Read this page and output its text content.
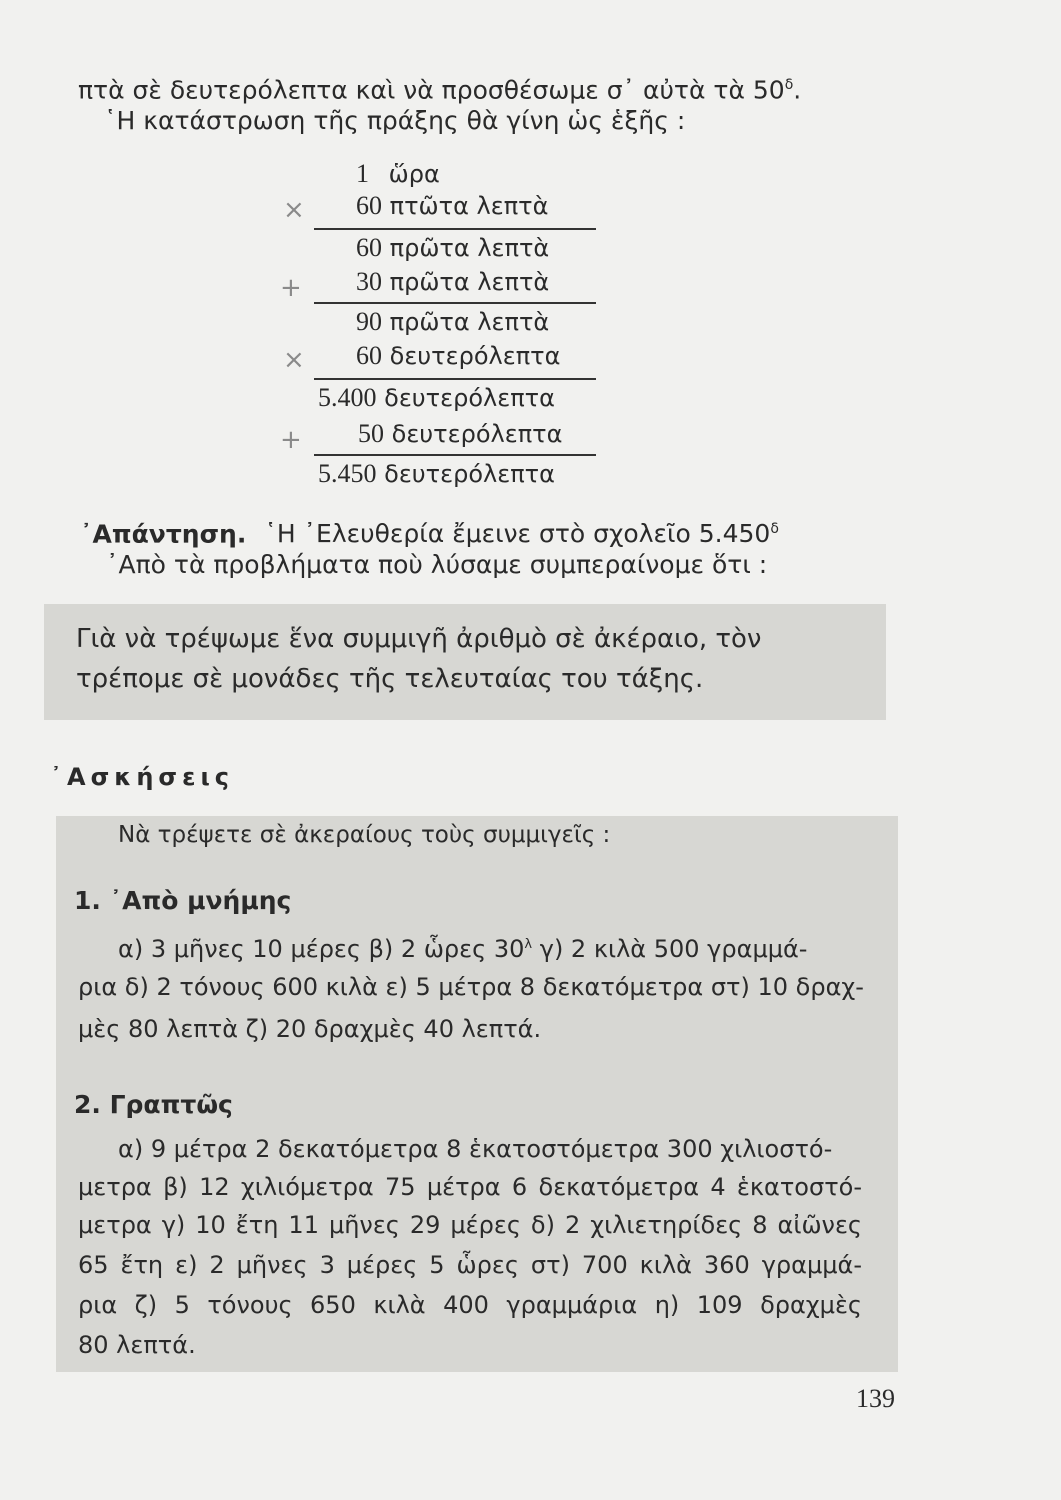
πτὰ σὲ δευτερόλεπτα καὶ νὰ προσθέσωμε σ᾽ αὐτὰ τὰ $50^\delta$.
῾Η κατάστρωση τῆς πράξης θὰ γίνη ὡς ἑξῆς :
1 ὥρα
× 60 πτῶτα λεπτὰ
60 πρῶτα λεπτὰ
+ 30 πρῶτα λεπτὰ
90 πρῶτα λεπτὰ
× 60 δευτερόλεπτα
5.400 δευτερόλεπτα
+ 50 δευτερόλεπτα
5.450 δευτερόλεπτα
᾿Απάντηση. ῾Η ᾿Ελευθερία ἔμεινε στὸ σχολεῖο $5.450^\delta$
᾿Απὸ τὰ προβλήματα ποὺ λύσαμε συμπεραίνομε ὅτι :
Γιὰ νὰ τρέψωμε ἕνα συμμιγῆ ἀριθμὸ σὲ ἀκέραιο, τὸν
τρέπομε σὲ μονάδες τῆς τελευταίας του τάξης.
᾿Ασκήσεις
Νὰ τρέψετε σὲ ἀκεραίους τοὺς συμμιγεῖς :
1. ᾿Απὸ μνήμης
α) 3 μῆνες 10 μέρες β) 2 ὧρες $30^\lambda$ γ) 2 κιλὰ 500 γραμμά-
ρια δ) 2 τόνους 600 κιλὰ ε) 5 μέτρα 8 δεκατόμετρα στ) 10 δραχ-
μὲς 80 λεπτὰ ζ) 20 δραχμὲς 40 λεπτά.
2. Γραπτῶς
α) 9 μέτρα 2 δεκατόμετρα 8 ἑκατοστόμετρα 300 χιλιοστό-
μετρα β) 12 χιλιόμετρα 75 μέτρα 6 δεκατόμετρα 4 ἑκατοστό-
μετρα γ) 10 ἔτη 11 μῆνες 29 μέρες δ) 2 χιλιετηρίδες 8 αἰῶνες
65 ἔτη ε) 2 μῆνες 3 μέρες 5 ὧρες στ) 700 κιλὰ 360 γραμμά-
ρια ζ) 5 τόνους 650 κιλὰ 400 γραμμάρια η) 109 δραχμὲς
80 λεπτά.
139
